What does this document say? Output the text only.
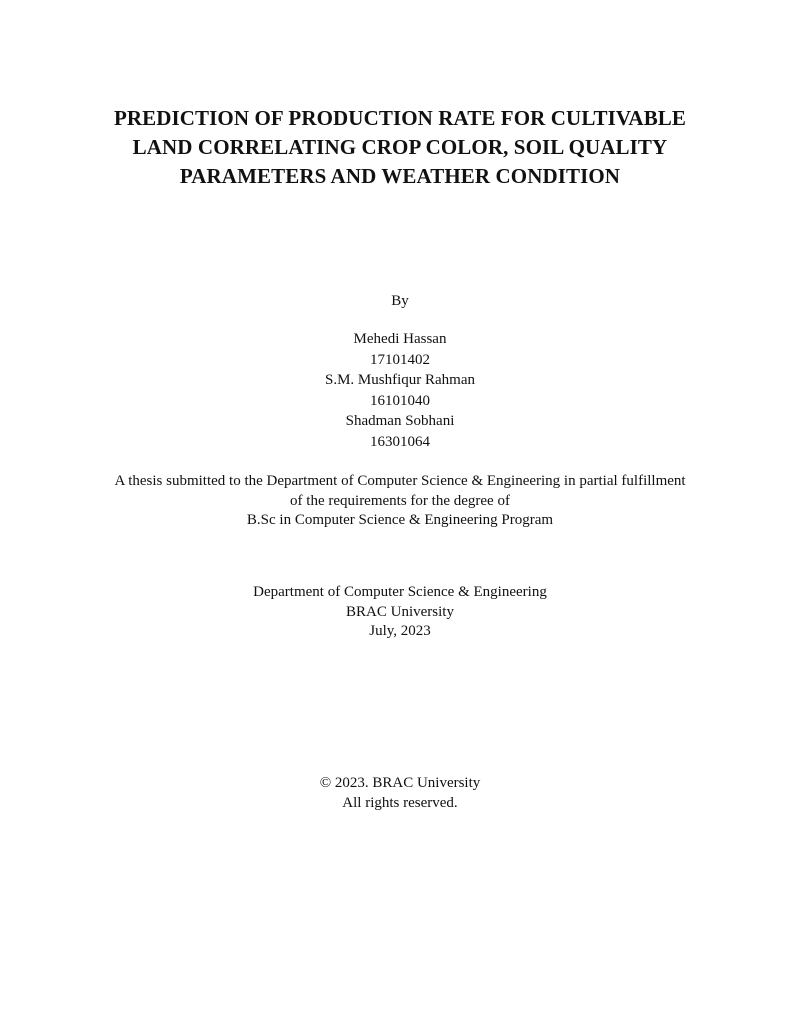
PREDICTION OF PRODUCTION RATE FOR CULTIVABLE
LAND CORRELATING CROP COLOR, SOIL QUALITY
PARAMETERS AND WEATHER CONDITION
By
Mehedi Hassan
17101402
S.M. Mushfiqur Rahman
16101040
Shadman Sobhani
16301064
A thesis submitted to the Department of Computer Science & Engineering in partial fulfillment
of the requirements for the degree of
B.Sc in Computer Science & Engineering Program
Department of Computer Science & Engineering
BRAC University
July, 2023
© 2023. BRAC University
All rights reserved.
